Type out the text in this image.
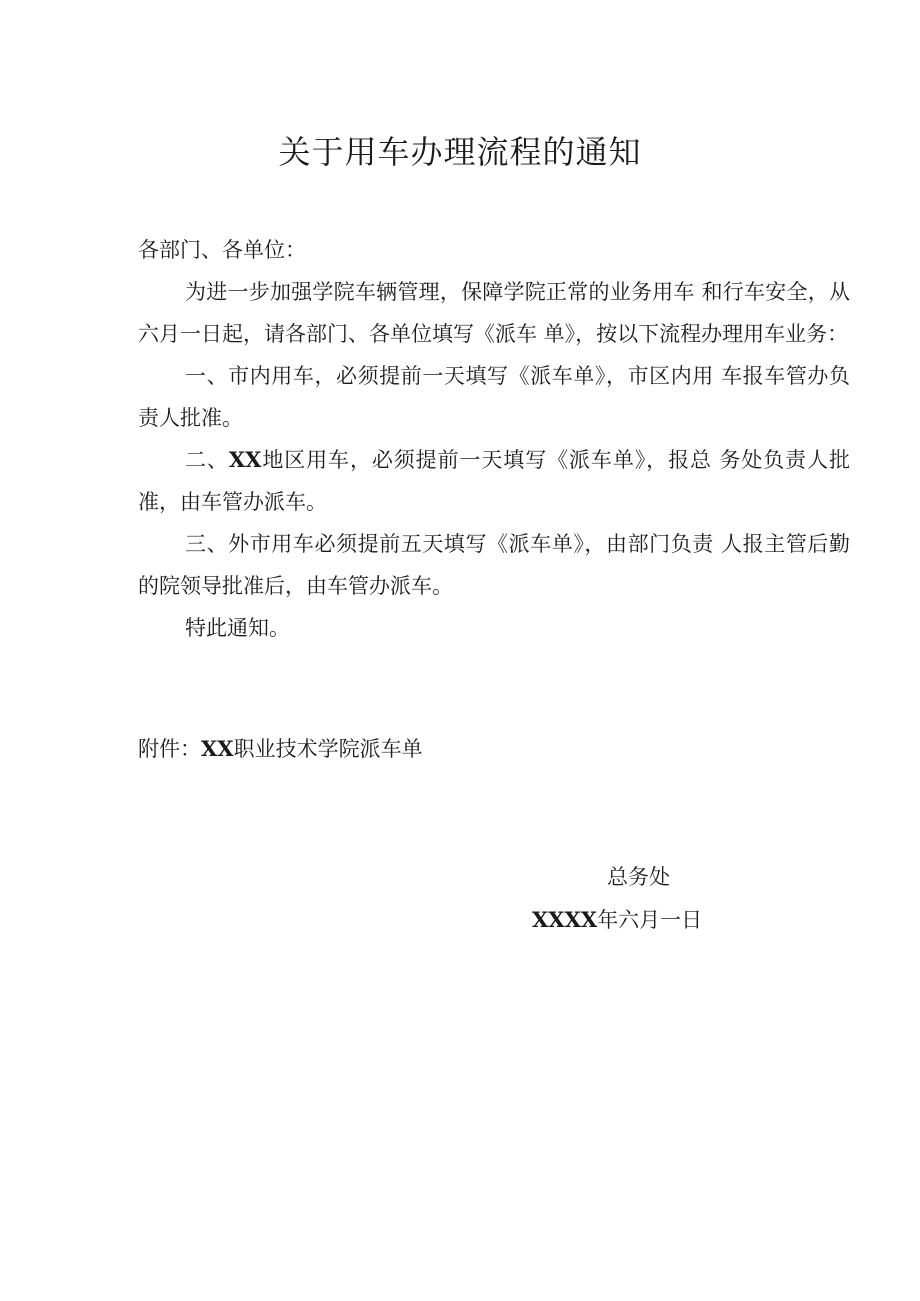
关于用车办理流程的通知
各部门、各单位：

为进一步加强学院车辆管理，保障学院正常的业务用车 和行车安全，从六月一日起，请各部门、各单位填写《派车 单》，按以下流程办理用车业务：

一、市内用车，必须提前一天填写《派车单》，市区内用 车报车管办负责人批准。

二、XX地区用车，必须提前一天填写《派车单》，报总 务处负责人批准，由车管办派车。

三、外市用车必须提前五天填写《派车单》，由部门负责 人报主管后勤的院领导批准后，由车管办派车。

特此通知。

附件：XX职业技术学院派车单
总务处
XXXX年六月一日
